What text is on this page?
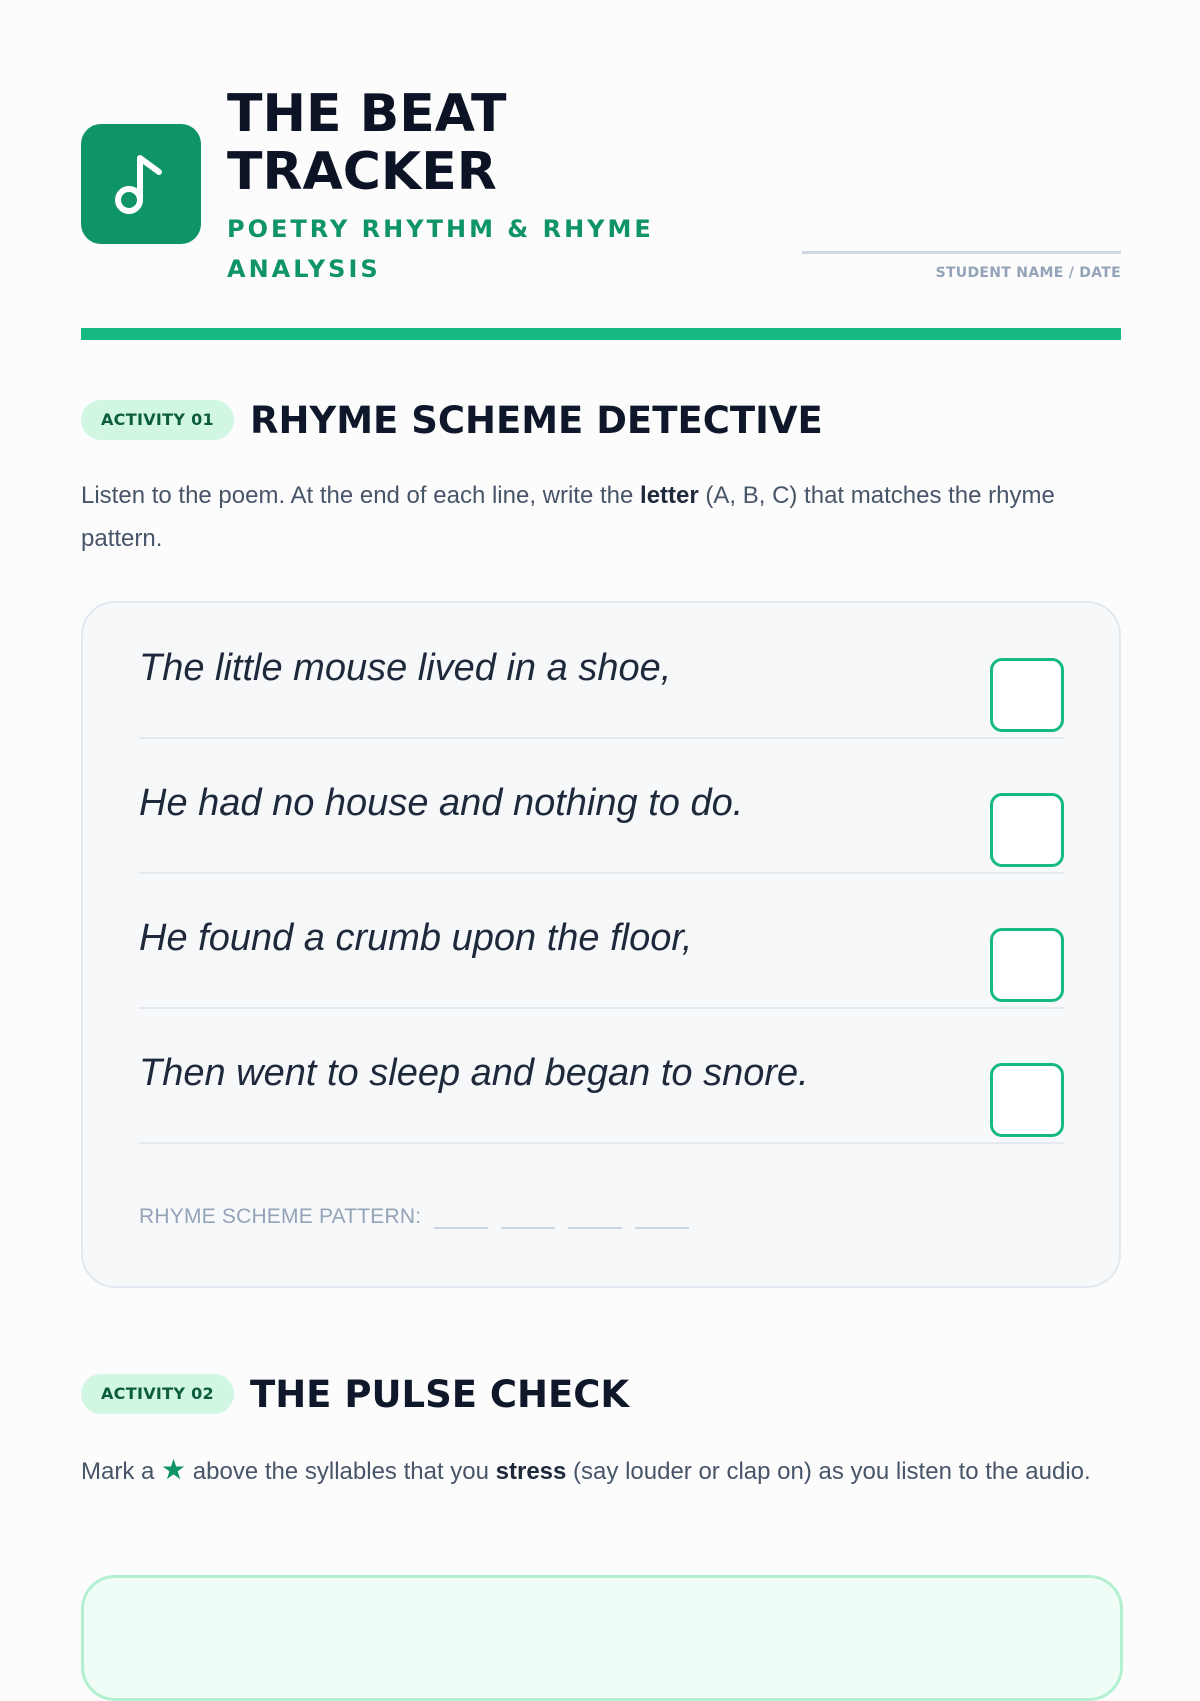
THE BEAT
TRACKER
POETRY RHYTHM & RHYME ANALYSIS	STUDENT NAME / DATE
ACTIVITY 01 RHYME SCHEME DETECTIVE

Listen to the poem. At the end of each line, write the letter (A, B, C) that matches the rhyme pattern.

The little mouse lived in a shoe,
He had no house and nothing to do.
He found a crumb upon the floor,
Then went to sleep and began to snore.
RHYME SCHEME PATTERN:
ACTIVITY 02 THE PULSE CHECK

Mark a ★ above the syllables that you stress (say louder or clap on) as you listen to the audio.
